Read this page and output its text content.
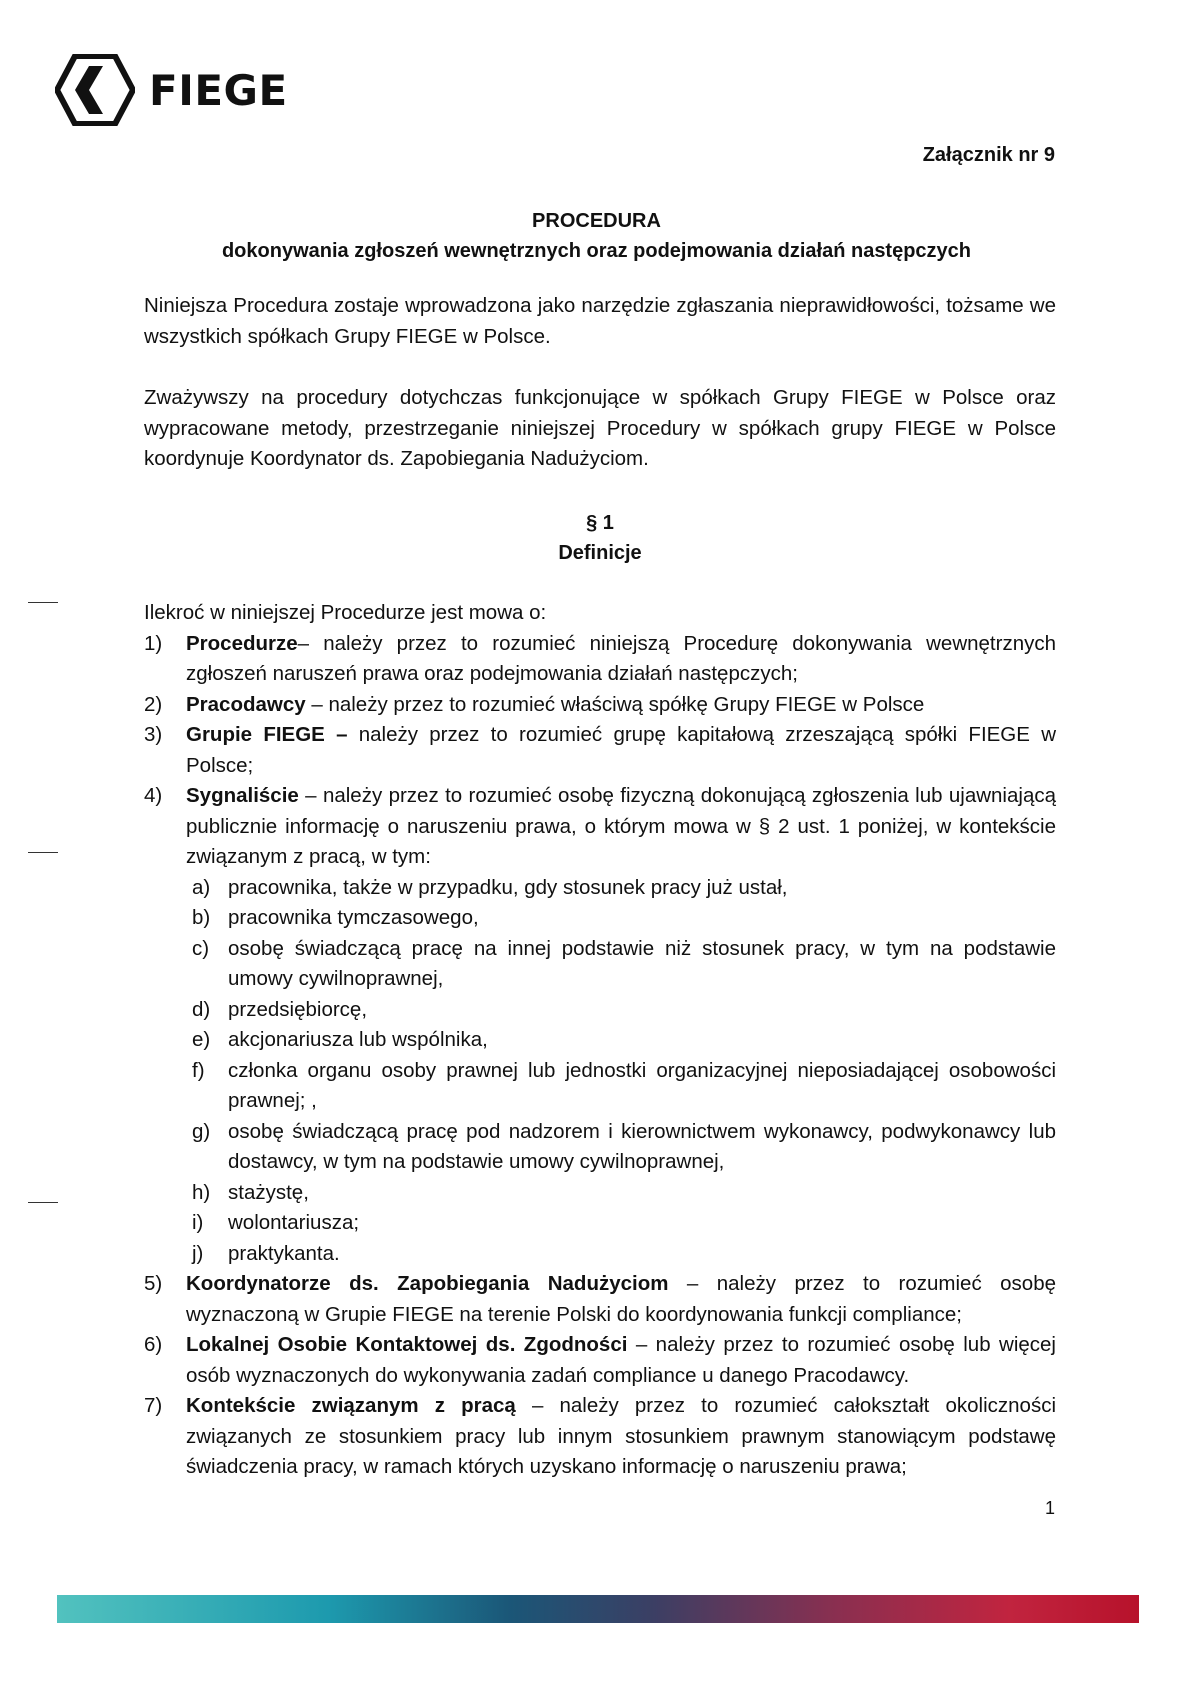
FIEGE
Załącznik nr 9
PROCEDURA
dokonywania zgłoszeń wewnętrznych oraz podejmowania działań następczych

Niniejsza Procedura zostaje wprowadzona jako narzędzie zgłaszania nieprawidłowości, tożsame we wszystkich spółkach Grupy FIEGE w Polsce.

Zważywszy na procedury dotychczas funkcjonujące w spółkach Grupy FIEGE w Polsce oraz wypracowane metody, przestrzeganie niniejszej Procedury w spółkach grupy FIEGE w Polsce koordynuje Koordynator ds. Zapobiegania Nadużyciom.

§ 1
Definicje
Ilekroć w niniejszej Procedurze jest mowa o:
1) Procedurze– należy przez to rozumieć niniejszą Procedurę dokonywania wewnętrznych zgłoszeń naruszeń prawa oraz podejmowania działań następczych;
2) Pracodawcy – należy przez to rozumieć właściwą spółkę Grupy FIEGE w Polsce
3) Grupie FIEGE – należy przez to rozumieć grupę kapitałową zrzeszającą spółki FIEGE w Polsce;
4) Sygnaliście – należy przez to rozumieć osobę fizyczną dokonującą zgłoszenia lub ujawniającą publicznie informację o naruszeniu prawa, o którym mowa w § 2 ust. 1 poniżej, w kontekście związanym z pracą, w tym:
a) pracownika, także w przypadku, gdy stosunek pracy już ustał,
b) pracownika tymczasowego,
c) osobę świadczącą pracę na innej podstawie niż stosunek pracy, w tym na podstawie umowy cywilnoprawnej,
d) przedsiębiorcę,
e) akcjonariusza lub wspólnika,
f) członka organu osoby prawnej lub jednostki organizacyjnej nieposiadającej osobowości prawnej; ,
g) osobę świadczącą pracę pod nadzorem i kierownictwem wykonawcy, podwykonawcy lub dostawcy, w tym na podstawie umowy cywilnoprawnej,
h) stażystę,
i) wolontariusza;
j) praktykanta.
5) Koordynatorze ds. Zapobiegania Nadużyciom – należy przez to rozumieć osobę wyznaczoną w Grupie FIEGE na terenie Polski do koordynowania funkcji compliance;
6) Lokalnej Osobie Kontaktowej ds. Zgodności – należy przez to rozumieć osobę lub więcej osób wyznaczonych do wykonywania zadań compliance u danego Pracodawcy.
7) Kontekście związanym z pracą – należy przez to rozumieć całokształt okoliczności związanych ze stosunkiem pracy lub innym stosunkiem prawnym stanowiącym podstawę świadczenia pracy, w ramach których uzyskano informację o naruszeniu prawa;
1
